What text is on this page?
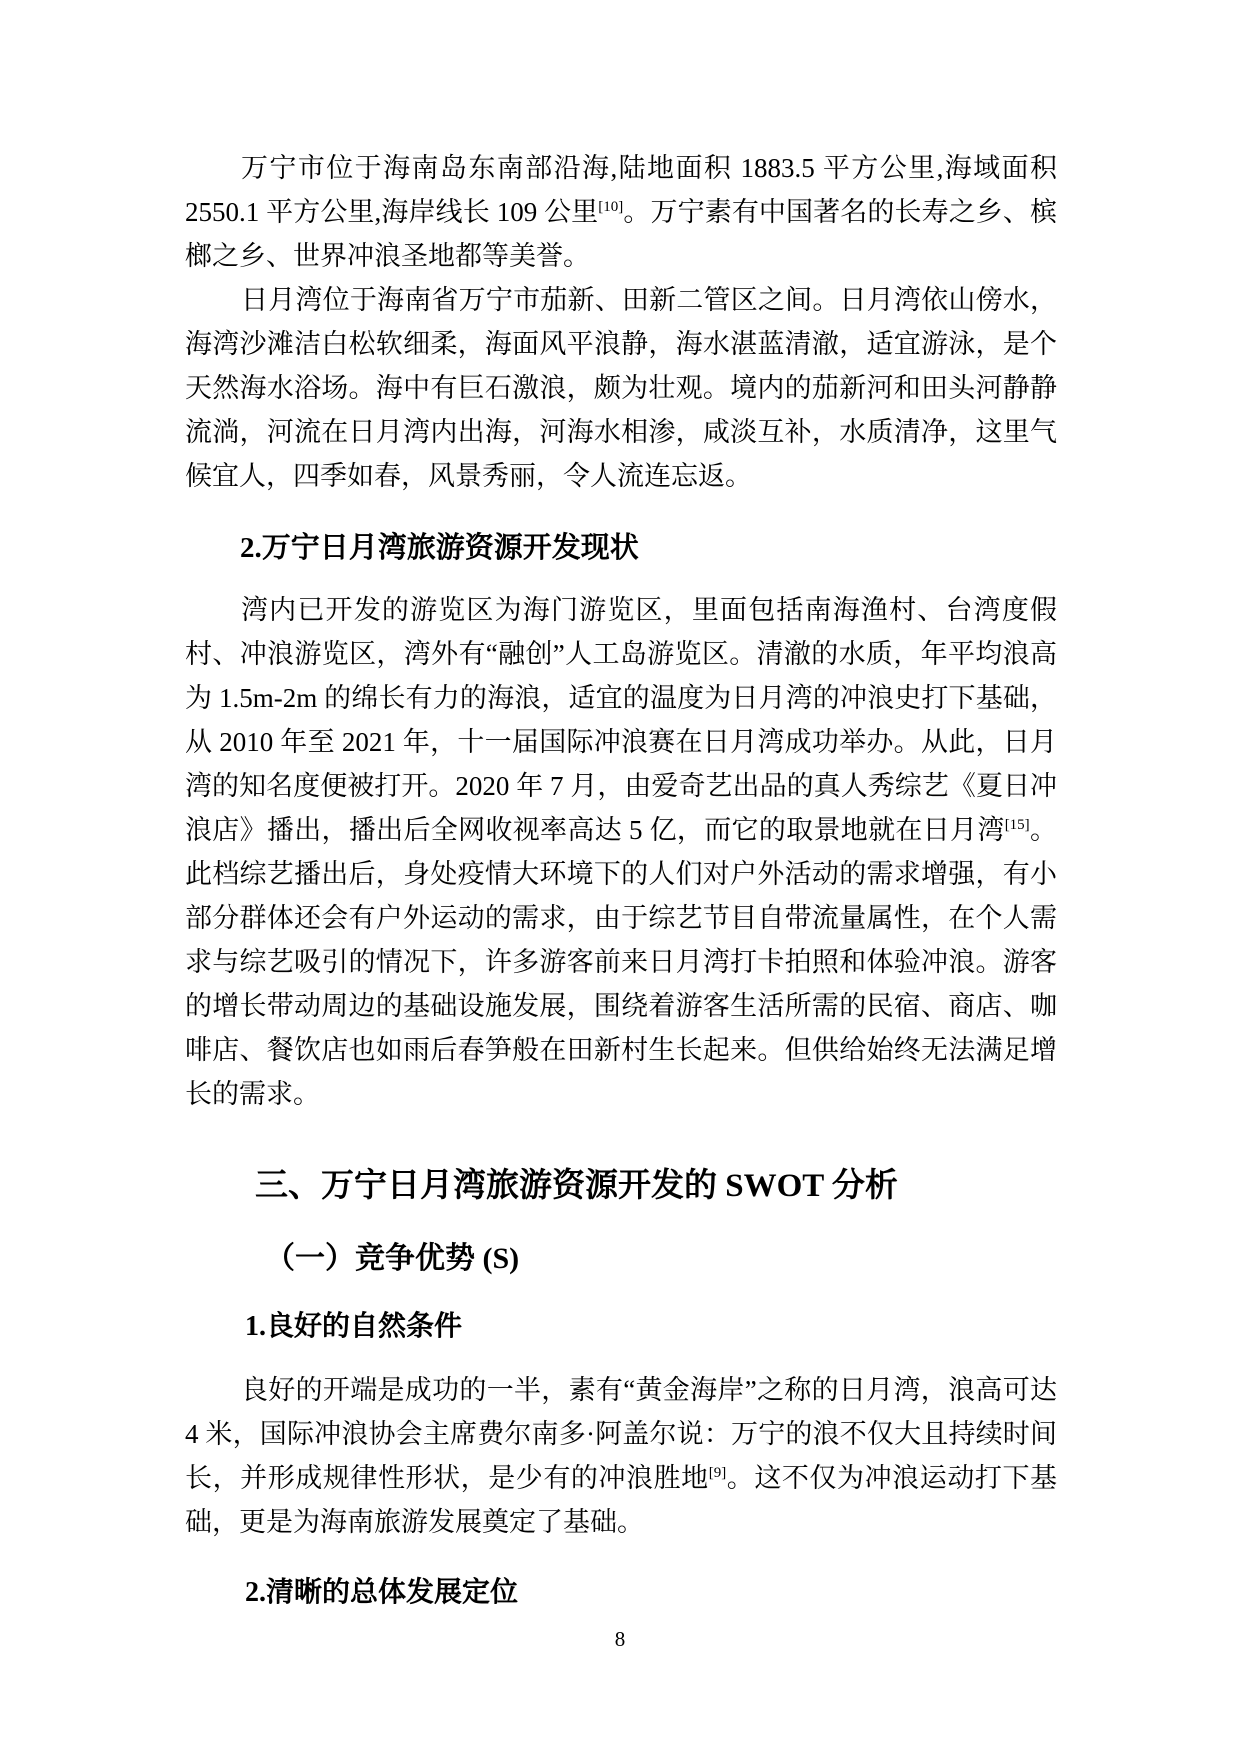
万宁市位于海南岛东南部沿海,陆地面积 1883.5 平方公里,海域面积 2550.1 平方公里,海岸线长 109 公里[10]。万宁素有中国著名的长寿之乡、槟榔之乡、世界冲浪圣地都等美誉。

日月湾位于海南省万宁市茄新、田新二管区之间。日月湾依山傍水，海湾沙滩洁白松软细柔，海面风平浪静，海水湛蓝清澈，适宜游泳，是个天然海水浴场。海中有巨石激浪，颇为壮观。境内的茄新河和田头河静静流淌，河流在日月湾内出海，河海水相渗，咸淡互补，水质清净，这里气候宜人，四季如春，风景秀丽，令人流连忘返。

2.万宁日月湾旅游资源开发现状

湾内已开发的游览区为海门游览区，里面包括南海渔村、台湾度假村、冲浪游览区，湾外有“融创”人工岛游览区。清澈的水质，年平均浪高为 1.5m-2m 的绵长有力的海浪，适宜的温度为日月湾的冲浪史打下基础，从 2010 年至 2021 年，十一届国际冲浪赛在日月湾成功举办。从此，日月湾的知名度便被打开。2020 年 7 月，由爱奇艺出品的真人秀综艺《夏日冲浪店》播出，播出后全网收视率高达 5 亿，而它的取景地就在日月湾[15]。此档综艺播出后，身处疫情大环境下的人们对户外活动的需求增强，有小部分群体还会有户外运动的需求，由于综艺节目自带流量属性，在个人需求与综艺吸引的情况下，许多游客前来日月湾打卡拍照和体验冲浪。游客的增长带动周边的基础设施发展，围绕着游客生活所需的民宿、商店、咖啡店、餐饮店也如雨后春笋般在田新村生长起来。但供给始终无法满足增长的需求。

三、万宁日月湾旅游资源开发的 SWOT 分析
（一）竞争优势 (S)
1.良好的自然条件

良好的开端是成功的一半，素有“黄金海岸”之称的日月湾，浪高可达 4 米，国际冲浪协会主席费尔南多·阿盖尔说：万宁的浪不仅大且持续时间长，并形成规律性形状，是少有的冲浪胜地[9]。这不仅为冲浪运动打下基础，更是为海南旅游发展奠定了基础。

2.清晰的总体发展定位
8
